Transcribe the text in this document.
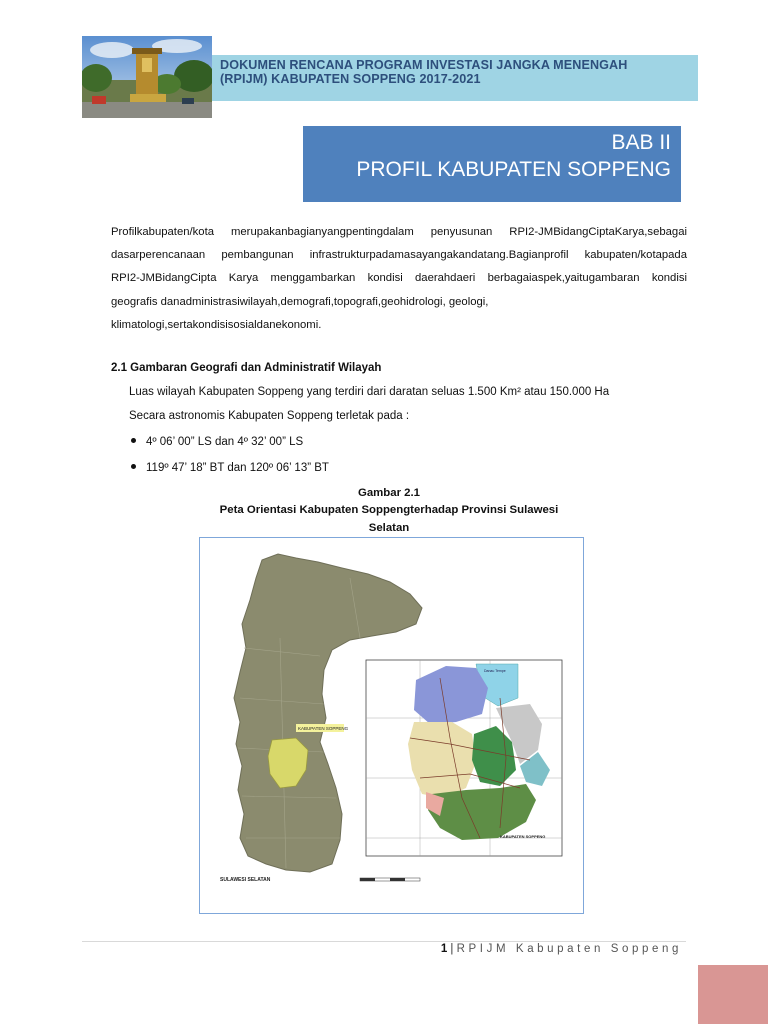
DOKUMEN RENCANA PROGRAM INVESTASI JANGKA MENENGAH
(RPIJM) KABUPATEN SOPPENG 2017-2021
BAB II
PROFIL KABUPATEN SOPPENG
Profilkabupaten/kota merupakanbagianyangpentingdalam penyusunan RPI2-JMBidangCiptaKarya,sebagai
dasarperencanaan pembangunan infrastrukturpadamasayangakandatang.Bagianprofil kabupaten/kotapada
RPI2-JMBidangCipta Karya menggambarkan kondisi daerahdaeri berbagaiaspek,yaitugambaran kondisi
geografis danadministrasiwilayah,demografi,topografi,geohidrologi, geologi,
klimatologi,sertakondisisosialdanekonomi.
2.1 Gambaran Geografi dan Administratif Wilayah
Luas wilayah Kabupaten Soppeng yang terdiri dari daratan seluas 1.500 Km² atau 150.000 Ha
Secara astronomis Kabupaten Soppeng terletak pada :
4º 06’ 00” LS dan 4º 32’ 00” LS
119º 47’ 18” BT dan 120º 06’ 13” BT
Gambar 2.1
Peta Orientasi Kabupaten Soppengterhadap Provinsi Sulawesi
Selatan
KABUPATEN SOPPENG
SULAWESI SELATAN
Danau Tempe
KABUPATEN SOPPENG
1 | RPIJM Kabupaten Soppeng
